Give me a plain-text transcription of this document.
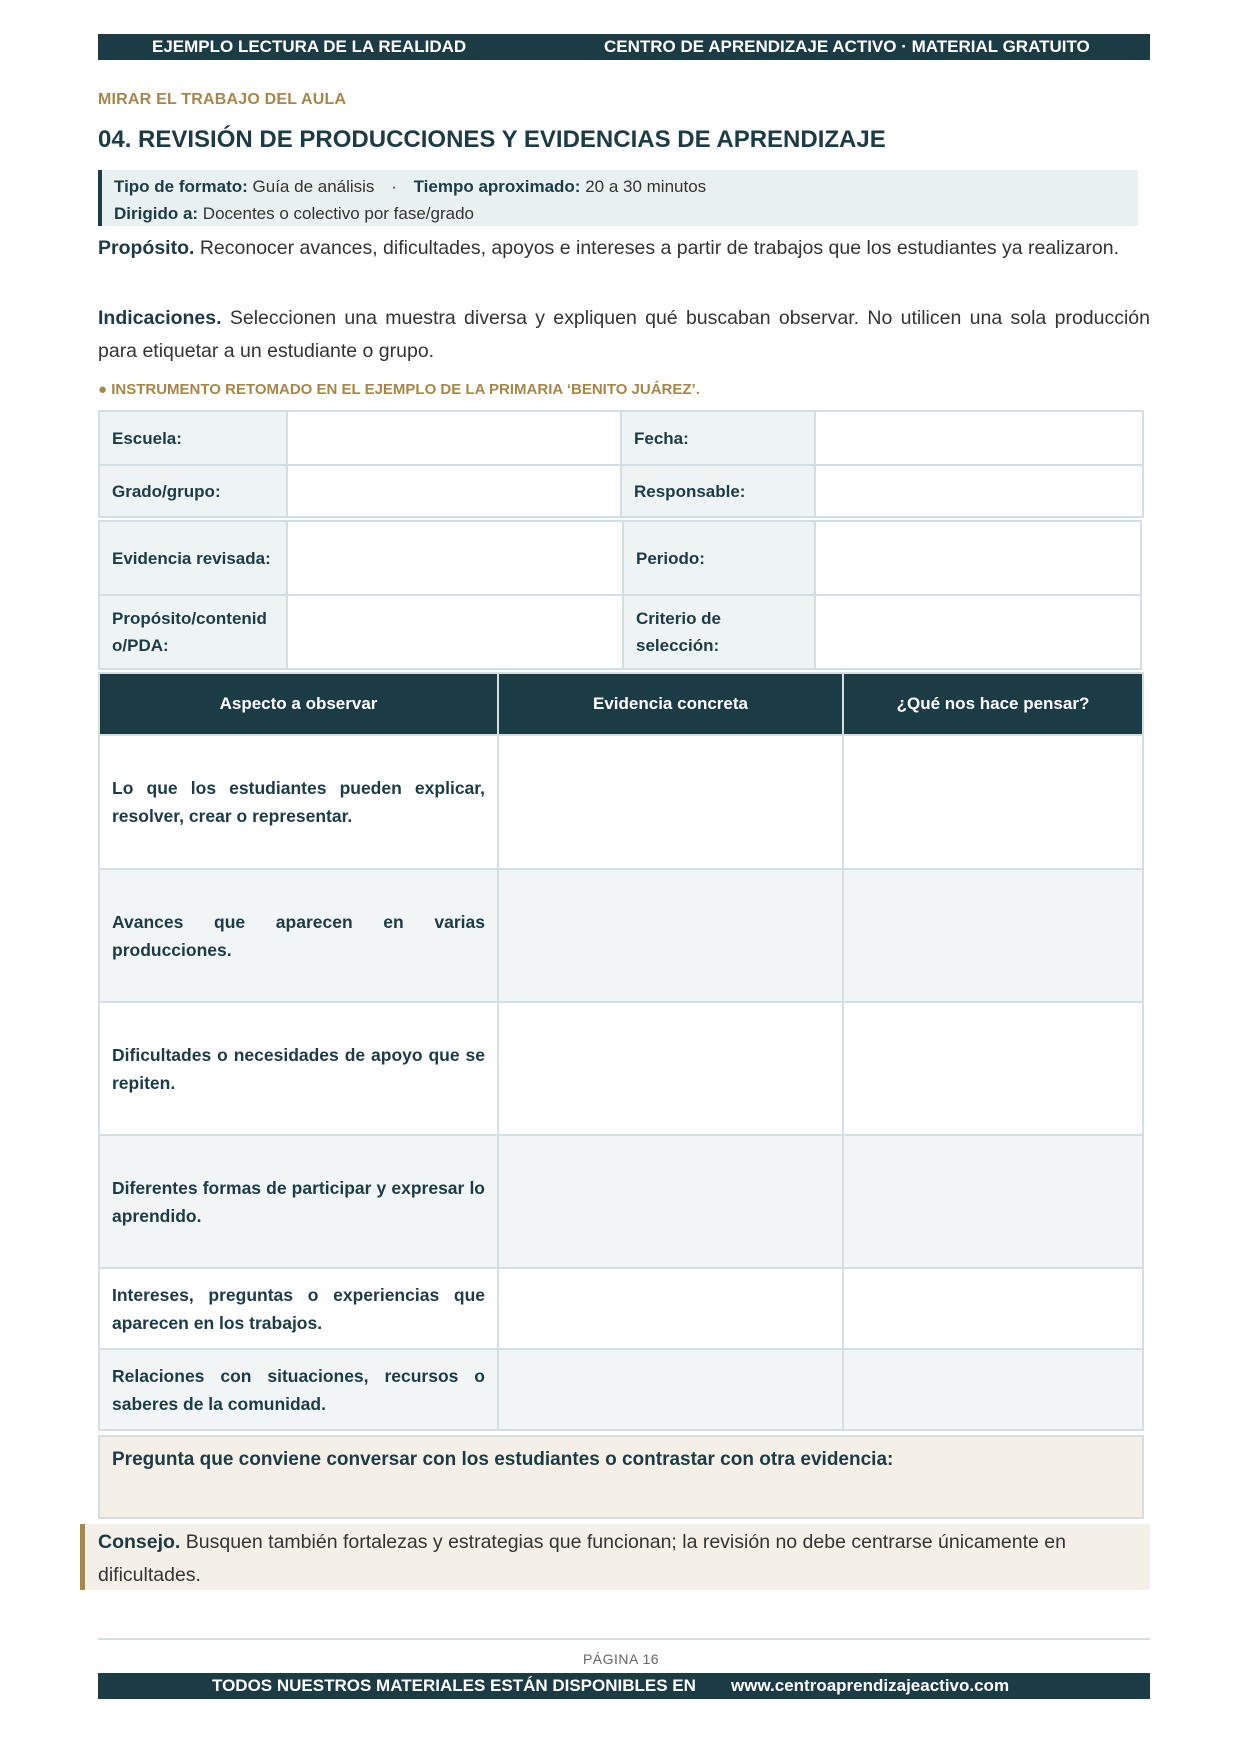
EJEMPLO LECTURA DE LA REALIDAD	CENTRO DE APRENDIZAJE ACTIVO · MATERIAL GRATUITO
MIRAR EL TRABAJO DEL AULA
04. REVISIÓN DE PRODUCCIONES Y EVIDENCIAS DE APRENDIZAJE
Tipo de formato: Guía de análisis · Tiempo aproximado: 20 a 30 minutos
Dirigido a: Docentes o colectivo por fase/grado

Propósito. Reconocer avances, dificultades, apoyos e intereses a partir de trabajos que los estudiantes ya realizaron.

Indicaciones. Seleccionen una muestra diversa y expliquen qué buscaban observar. No utilicen una sola producción para etiquetar a un estudiante o grupo.

● INSTRUMENTO RETOMADO EN EL EJEMPLO DE LA PRIMARIA ‘BENITO JUÁREZ’.
Escuela:	Fecha:
Grado/grupo:	Responsable:
Evidencia revisada:	Periodo:
Propósito/contenido/PDA:
Criterio de selección:
Aspecto a observar	Evidencia concreta	¿Qué nos hace pensar?
Lo que los estudiantes pueden explicar, resolver, crear o representar.
Avances que aparecen en varias producciones.
Dificultades o necesidades de apoyo que se repiten.
Diferentes formas de participar y expresar lo aprendido.
Intereses, preguntas o experiencias que aparecen en los trabajos.
Relaciones con situaciones, recursos o saberes de la comunidad.
Pregunta que conviene conversar con los estudiantes o contrastar con otra evidencia:
Consejo. Busquen también fortalezas y estrategias que funcionan; la revisión no debe centrarse únicamente en dificultades.
PÁGINA 16
TODOS NUESTROS MATERIALES ESTÁN DISPONIBLES EN www.centroaprendizajeactivo.com
